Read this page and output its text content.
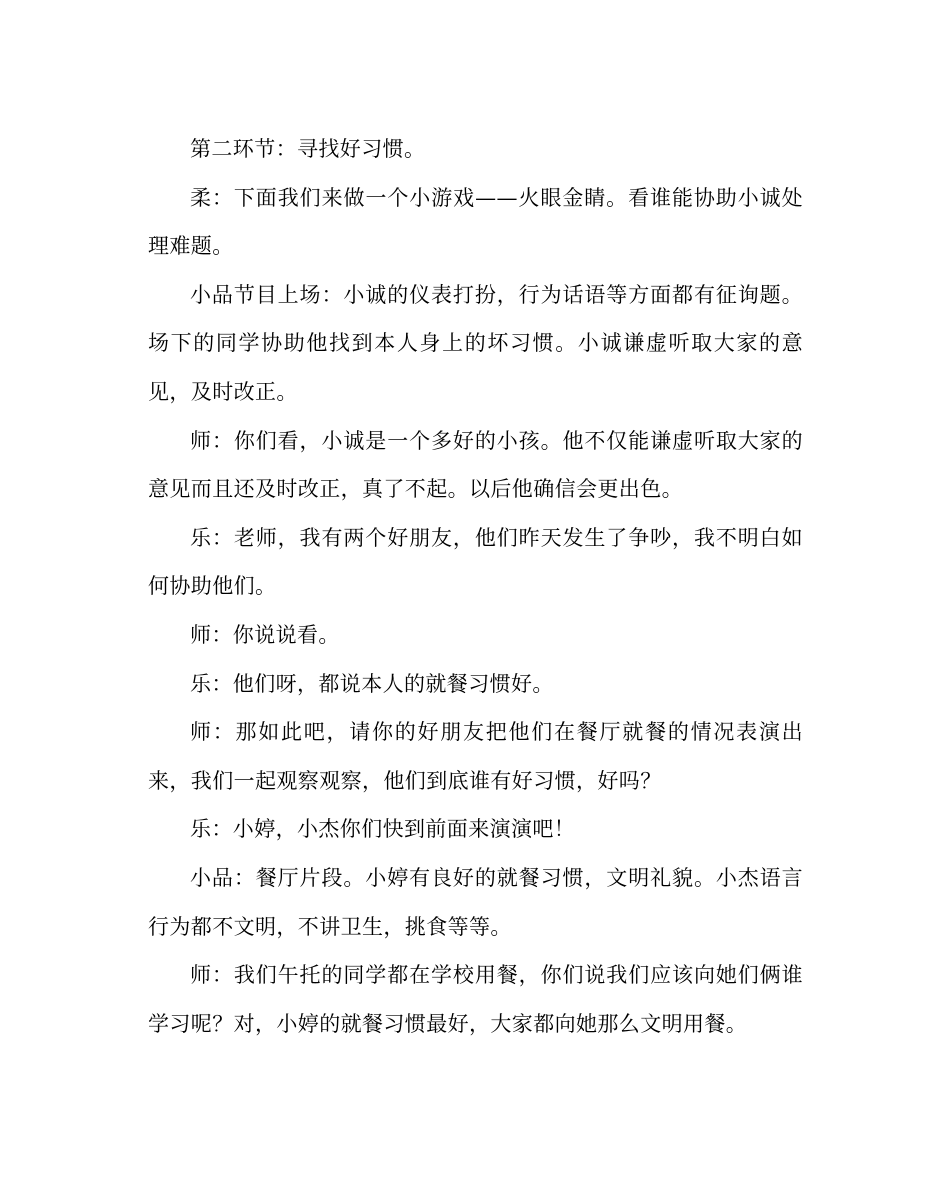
第二环节：寻找好习惯。

柔：下面我们来做一个小游戏——火眼金睛。看谁能协助小诚处理难题。

小品节目上场：小诚的仪表打扮，行为话语等方面都有征询题。场下的同学协助他找到本人身上的坏习惯。小诚谦虚听取大家的意见，及时改正。

师：你们看，小诚是一个多好的小孩。他不仅能谦虚听取大家的意见而且还及时改正，真了不起。以后他确信会更出色。

乐：老师，我有两个好朋友，他们昨天发生了争吵，我不明白如何协助他们。

师：你说说看。

乐：他们呀，都说本人的就餐习惯好。

师：那如此吧，请你的好朋友把他们在餐厅就餐的情况表演出来，我们一起观察观察，他们到底谁有好习惯，好吗？

乐：小婷，小杰你们快到前面来演演吧！

小品：餐厅片段。小婷有良好的就餐习惯，文明礼貌。小杰语言行为都不文明，不讲卫生，挑食等等。

师：我们午托的同学都在学校用餐，你们说我们应该向她们俩谁学习呢？对，小婷的就餐习惯最好，大家都向她那么文明用餐。
